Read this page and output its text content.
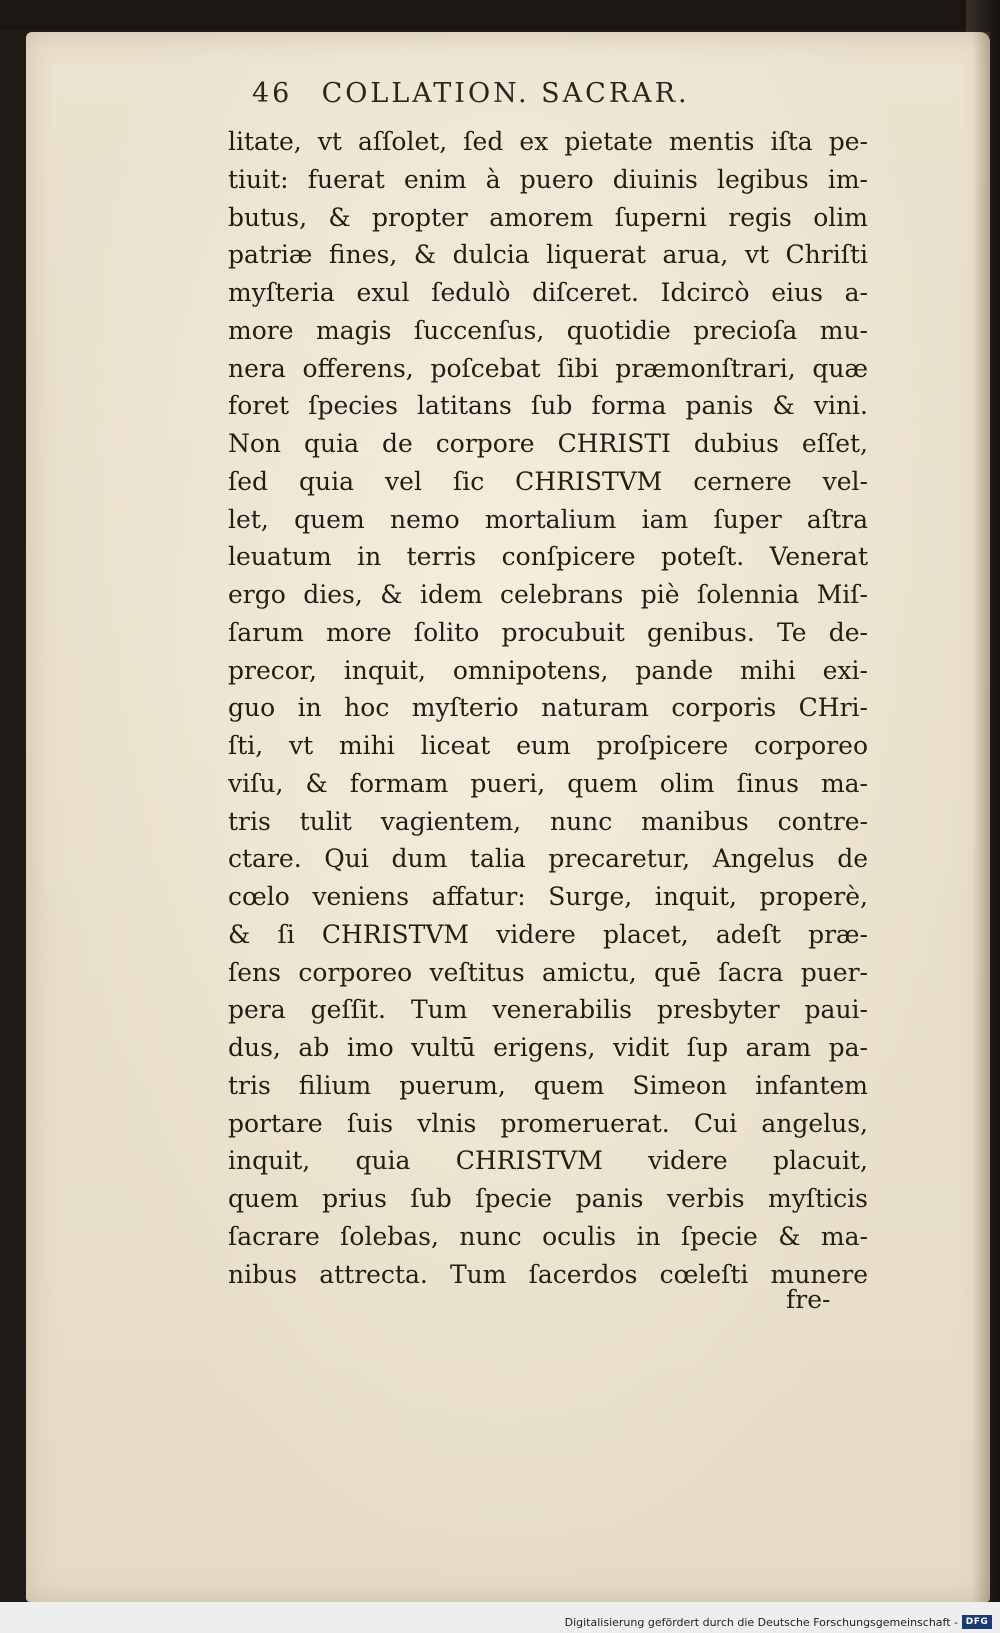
46 COLLATION. SACRAR.
litate, vt aſſolet, ſed ex pietate mentis iſta pe-
tiuit: fuerat enim à puero diuinis legibus im-
butus, & propter amorem ſuperni regis olim
patriæ fines, & dulcia liquerat arua, vt Chriſti
myſteria exul ſedulò diſceret. Idcircò eius a-
more magis ſuccenſus, quotidie precioſa mu-
nera offerens, poſcebat ſibi præmonſtrari, quæ
foret ſpecies latitans ſub forma panis & vini.
Non quia de corpore CHRISTI dubius eſſet,
ſed quia vel ſic CHRISTVM cernere vel-
let, quem nemo mortalium iam ſuper aſtra
leuatum in terris conſpicere poteſt. Venerat
ergo dies, & idem celebrans piè ſolennia Miſ-
ſarum more ſolito procubuit genibus. Te de-
precor, inquit, omnipotens, pande mihi exi-
guo in hoc myſterio naturam corporis CHri-
ſti, vt mihi liceat eum proſpicere corporeo
viſu, & formam pueri, quem olim ſinus ma-
tris tulit vagientem, nunc manibus contre-
ctare. Qui dum talia precaretur, Angelus de
cœlo veniens affatur: Surge, inquit, properè,
& ſi CHRISTVM videre placet, adeſt præ-
ſens corporeo veſtitus amictu, quē ſacra puer-
pera geſſit. Tum venerabilis presbyter paui-
dus, ab imo vultū erigens, vidit ſup aram pa-
tris filium puerum, quem Simeon infantem
portare ſuis vlnis promeruerat. Cui angelus,
inquit, quia CHRISTVM videre placuit,
quem prius ſub ſpecie panis verbis myſticis
ſacrare ſolebas, nunc oculis in ſpecie & ma-
nibus attrecta. Tum ſacerdos cœleſti munere
fre-
Digitalisierung gefördert durch die Deutsche Forschungsgemeinschaft - DFG
